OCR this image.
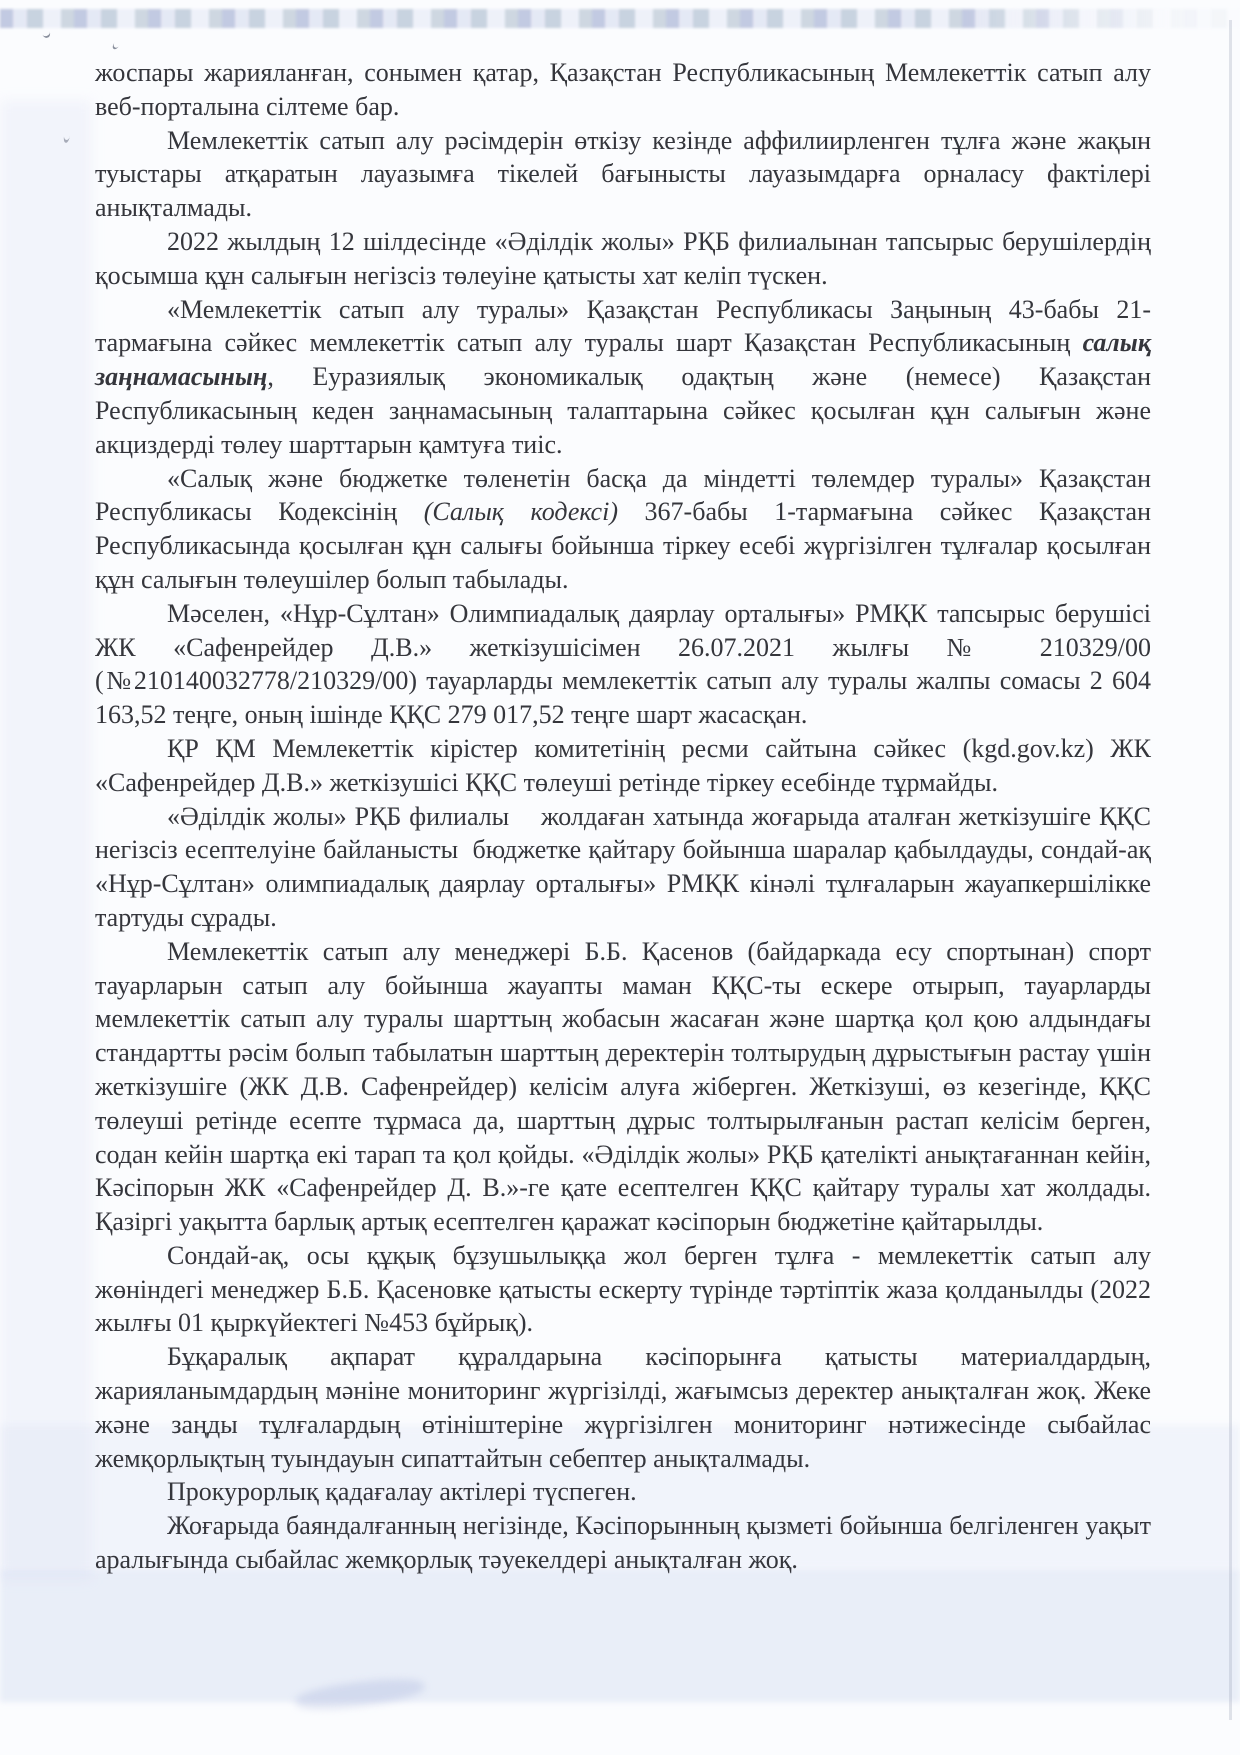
жоспары жарияланған, сонымен қатар, Қазақстан Республикасының Мемлекеттік сатып алу веб-порталына сілтеме бар.

Мемлекеттік сатып алу рәсімдерін өткізу кезінде аффилиирленген тұлға және жақын туыстары атқаратын лауазымға тікелей бағынысты лауазымдарға орналасу фактілері анықталмады.

2022 жылдың 12 шілдесінде «Әділдік жолы» РҚБ филиалынан тапсырыс берушілердің қосымша құн салығын негізсіз төлеуіне қатысты хат келіп түскен.

«Мемлекеттік сатып алу туралы» Қазақстан Республикасы Заңының 43-бабы 21-тармағына сәйкес мемлекеттік сатып алу туралы шарт Қазақстан Республикасының салық заңнамасының, Еуразиялық экономикалық одақтың және (немесе) Қазақстан Республикасының кеден заңнамасының талаптарына сәйкес қосылған құн салығын және акциздерді төлеу шарттарын қамтуға тиіс.

«Салық және бюджетке төленетін басқа да міндетті төлемдер туралы» Қазақстан Республикасы Кодексінің (Салық кодексі) 367-бабы 1-тармағына сәйкес Қазақстан Республикасында қосылған құн салығы бойынша тіркеу есебі жүргізілген тұлғалар қосылған құн салығын төлеушілер болып табылады.

Мәселен, «Нұр-Сұлтан» Олимпиадалық даярлау орталығы» РМҚК тапсырыс берушісі ЖК «Сафенрейдер Д.В.» жеткізушісімен 26.07.2021 жылғы № 210329/00 (№210140032778/210329/00) тауарларды мемлекеттік сатып алу туралы жалпы сомасы 2 604 163,52 теңге, оның ішінде ҚҚС 279 017,52 теңге шарт жасасқан.

ҚР ҚМ Мемлекеттік кірістер комитетінің ресми сайтына сәйкес (kgd.gov.kz) ЖК «Сафенрейдер Д.В.» жеткізушісі ҚҚС төлеуші ретінде тіркеу есебінде тұрмайды.

«Әділдік жолы» РҚБ филиалы    жолдаған хатында жоғарыда аталған жеткізушіге ҚҚС негізсіз есептелуіне байланысты  бюджетке қайтару бойынша шаралар қабылдауды, сондай-ақ «Нұр-Сұлтан» олимпиадалық даярлау орталығы» РМҚК кінәлі тұлғаларын жауапкершілікке тартуды сұрады.

Мемлекеттік сатып алу менеджері Б.Б. Қасенов (байдаркада есу спортынан) спорт тауарларын сатып алу бойынша жауапты маман ҚҚС-ты ескере отырып, тауарларды мемлекеттік сатып алу туралы шарттың жобасын жасаған және шартқа қол қою алдындағы стандартты рәсім болып табылатын шарттың деректерін толтырудың дұрыстығын растау үшін жеткізушіге (ЖК Д.В. Сафенрейдер) келісім алуға жіберген. Жеткізуші, өз кезегінде, ҚҚС төлеуші ретінде есепте тұрмаса да, шарттың дұрыс толтырылғанын растап келісім берген, содан кейін шартқа екі тарап та қол қойды. «Әділдік жолы» РҚБ қателікті анықтағаннан кейін, Кәсіпорын ЖК «Сафенрейдер Д. В.»-ге қате есептелген ҚҚС қайтару туралы хат жолдады. Қазіргі уақытта барлық артық есептелген қаражат кәсіпорын бюджетіне қайтарылды.

Сондай-ақ, осы құқық бұзушылыққа жол берген тұлға - мемлекеттік сатып алу жөніндегі менеджер Б.Б. Қасеновке қатысты ескерту түрінде тәртіптік жаза қолданылды (2022 жылғы 01 қыркүйектегі №453 бұйрық).

Бұқаралық ақпарат құралдарына кәсіпорынға қатысты материалдардың, жарияланымдардың мәніне мониторинг жүргізілді, жағымсыз деректер анықталған жоқ. Жеке және заңды тұлғалардың өтініштеріне жүргізілген мониторинг нәтижесінде сыбайлас жемқорлықтың туындауын сипаттайтын себептер анықталмады.

Прокурорлық қадағалау актілері түспеген.

Жоғарыда баяндалғанның негізінде, Кәсіпорынның қызметі бойынша белгіленген уақыт аралығында сыбайлас жемқорлық тәуекелдері анықталған жоқ.
